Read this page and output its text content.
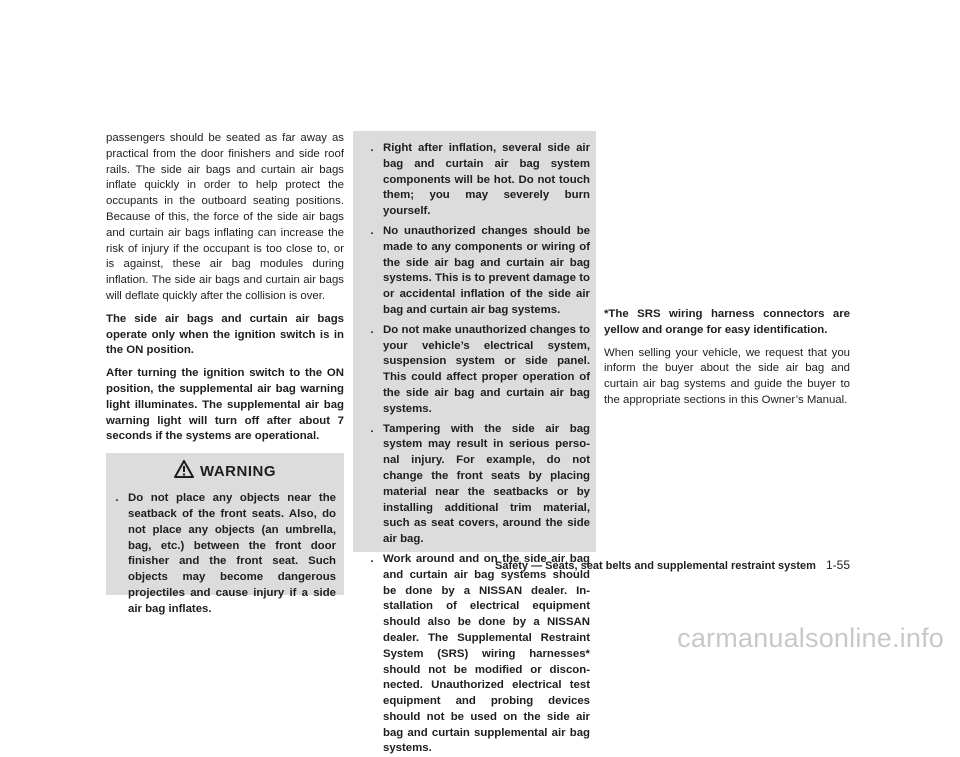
passengers should be seated as far away as practical from the door finishers and side roof rails. The side air bags and curtain air bags inflate quickly in order to help protect the occupants in the outboard seating positions. Because of this, the force of the side air bags and curtain air bags inflating can increase the risk of injury if the occupant is too close to, or is against, these air bag modules during inflation. The side air bags and curtain air bags will deflate quickly after the collision is over.

The side air bags and curtain air bags operate only when the ignition switch is in the ON position.

After turning the ignition switch to the ON position, the supplemental air bag warning light illuminates. The supplemental air bag warning light will turn off after about 7 seconds if the systems are operational.

WARNING
. Do not place any objects near the seatback of the front seats. Also, do not place any objects (an umbrella, bag, etc.) between the front door finisher and the front seat. Such objects may become dangerous projectiles and cause injury if a side air bag inflates.
. Right after inflation, several side air bag and curtain air bag system components will be hot. Do not touch them; you may severely burn yourself.
. No unauthorized changes should be made to any components or wiring of the side air bag and curtain air bag systems. This is to prevent damage to or accidental inflation of the side air bag and curtain air bag systems.
. Do not make unauthorized changes to your vehicle’s electrical system, suspension system or side panel. This could affect proper operation of the side air bag and curtain air bag systems.
. Tampering with the side air bag system may result in serious perso-nal injury. For example, do not change the front seats by placing material near the seatbacks or by installing additional trim material, such as seat covers, around the side air bag.
. Work around and on the side air bag and curtain air bag systems should be done by a NISSAN dealer. In-stallation of electrical equipment should also be done by a NISSAN dealer. The Supplemental Restraint System (SRS) wiring harnesses* should not be modified or discon-nected. Unauthorized electrical test equipment and probing devices should not be used on the side air bag and curtain supplemental air bag systems.

*The SRS wiring harness connectors are yellow and orange for easy identification.

When selling your vehicle, we request that you inform the buyer about the side air bag and curtain air bag systems and guide the buyer to the appropriate sections in this Owner’s Manual.

Safety — Seats, seat belts and supplemental restraint system 1-55
carmanualsonline.info
